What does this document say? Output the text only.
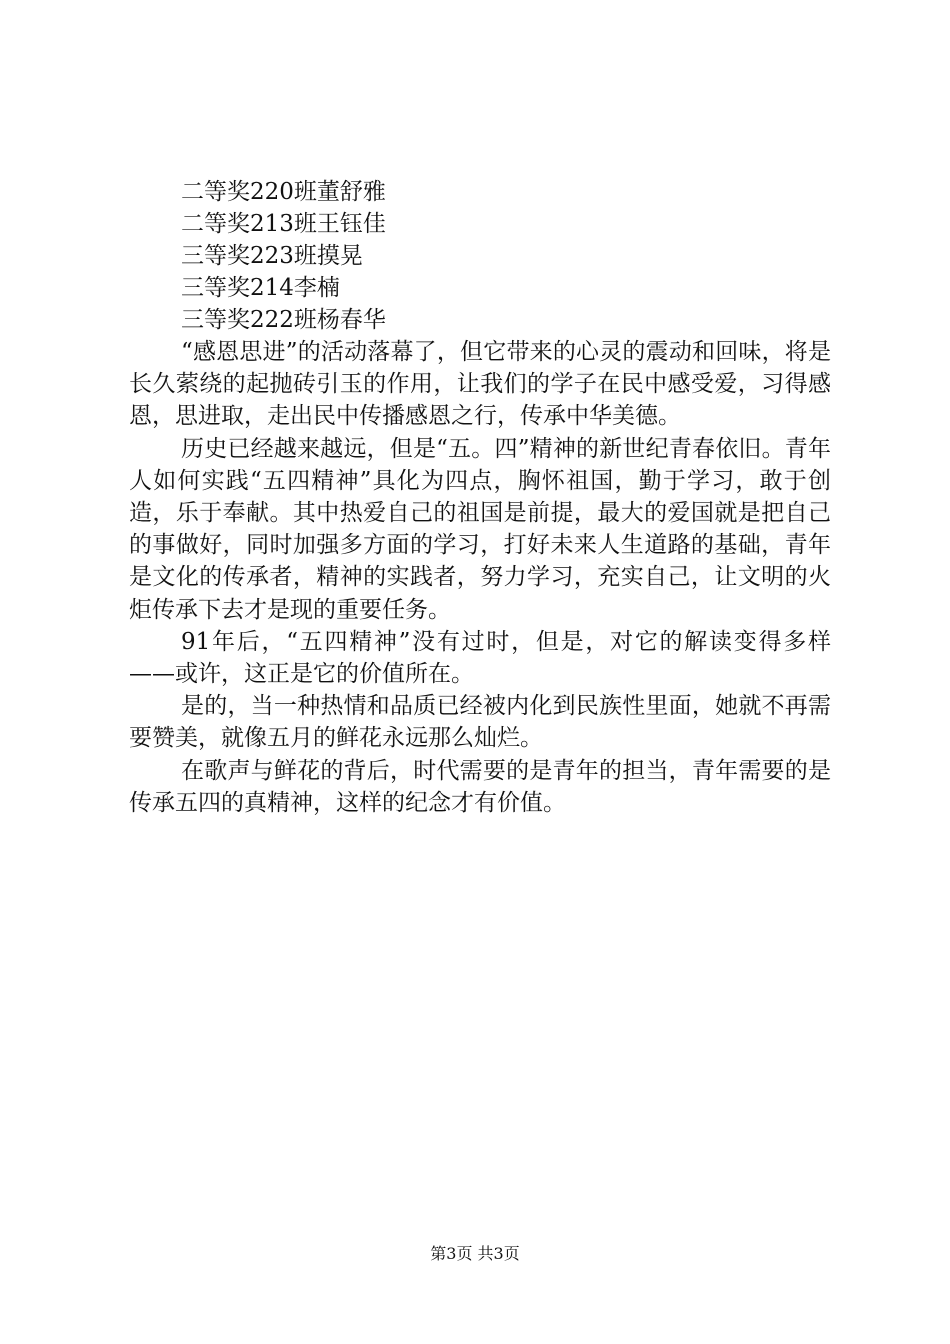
二等奖220班董舒雅

二等奖213班王钰佳

三等奖223班摸晃

三等奖214李楠

三等奖222班杨春华

“感恩思进”的活动落幕了，但它带来的心灵的震动和回味，将是长久萦绕的起抛砖引玉的作用，让我们的学子在民中感受爱，习得感恩，思进取，走出民中传播感恩之行，传承中华美德。

历史已经越来越远，但是“五。四”精神的新世纪青春依旧。青年人如何实践“五四精神”具化为四点，胸怀祖国，勤于学习，敢于创造，乐于奉献。其中热爱自己的祖国是前提，最大的爱国就是把自己的事做好，同时加强多方面的学习，打好未来人生道路的基础，青年是文化的传承者，精神的实践者，努力学习，充实自己，让文明的火炬传承下去才是现的重要任务。

91年后，“五四精神”没有过时，但是，对它的解读变得多样——或许，这正是它的价值所在。

是的，当一种热情和品质已经被内化到民族性里面，她就不再需要赞美，就像五月的鲜花永远那么灿烂。

在歌声与鲜花的背后，时代需要的是青年的担当，青年需要的是传承五四的真精神，这样的纪念才有价值。

第3页 共3页
